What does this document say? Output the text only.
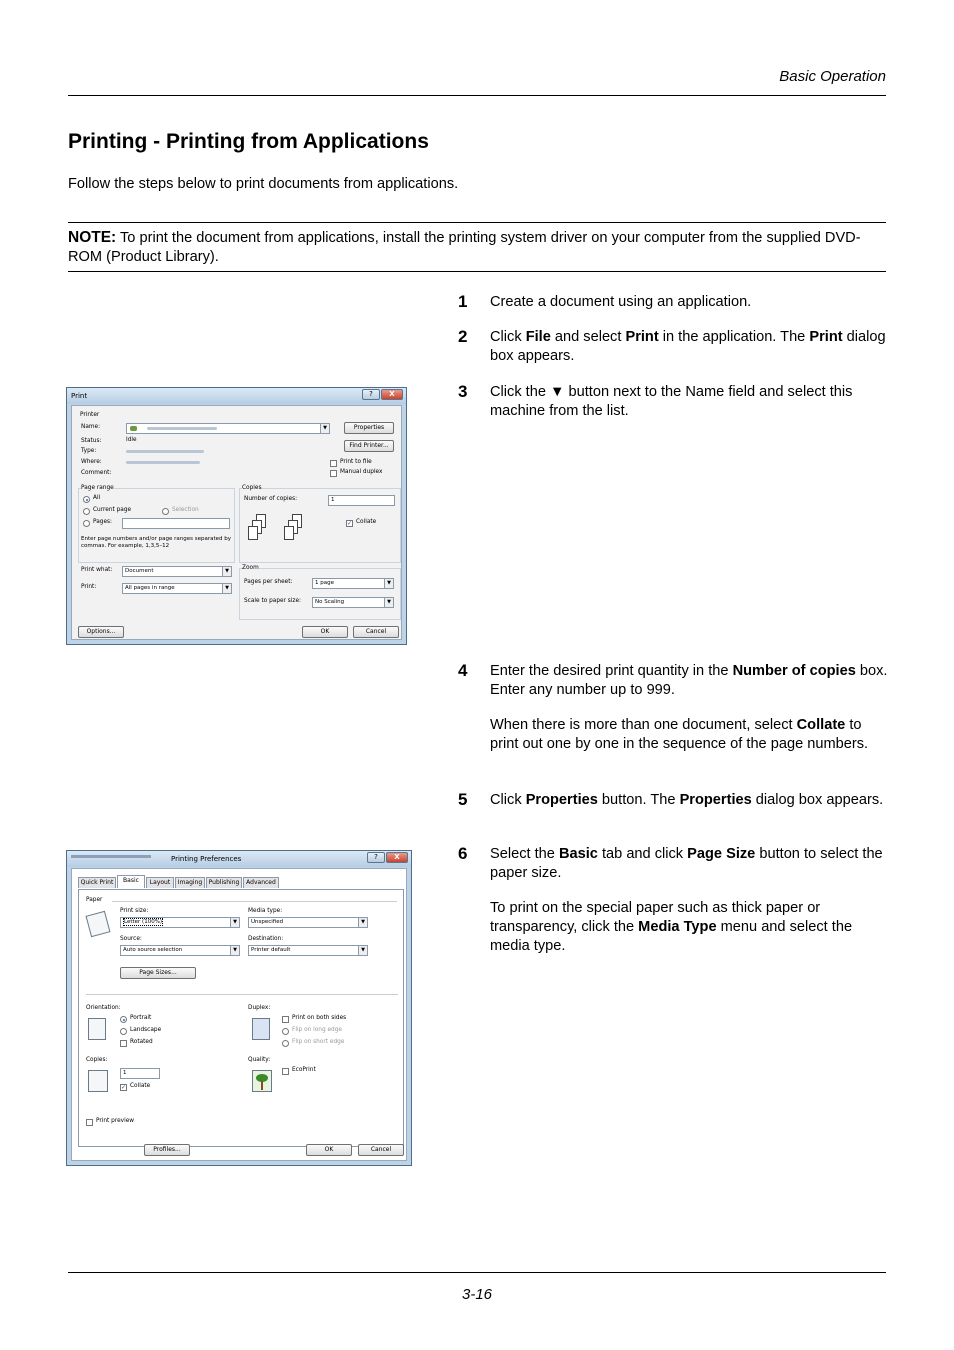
Basic Operation
Printing - Printing from Applications
Follow the steps below to print documents from applications.
NOTE: To print the document from applications, install the printing system driver on your computer from the supplied DVD-ROM (Product Library).
1 Create a document using an application.

2 Click File and select Print in the application. The Print dialog box appears.

3 Click the ▼ button next to the Name field and select this machine from the list.

4 Enter the desired print quantity in the Number of copies box. Enter any number up to 999.

When there is more than one document, select Collate to print out one by one in the sequence of the page numbers.

5 Click Properties button. The Properties dialog box appears.

6 Select the Basic tab and click Page Size button to select the paper size.

To print on the special paper such as thick paper or transparency, click the Media Type menu and select the media type.

Print	?	X
Printer
Name:	▼	Properties
Status:	Idle
Type:
Find Printer...
Where:
Comment:
Print to file
Manual duplex
Page range
All
Current page	Selection
Pages:
Enter page numbers and/or page ranges separated by commas. For example, 1,3,5–12
Copies
Number of copies:	1
✓ Collate
Print what:	Document	▼
Print:	All pages in range	▼
Zoom
Pages per sheet:	1 page	▼
Scale to paper size:	No Scaling	▼
Options...	OK	Cancel
Printing Preferences	?	X
Quick Print	Basic	Layout	Imaging	Publishing	Advanced
Paper
Print size:
Letter (100%)	▼
Media type:
Unspecified	▼
Source:
Auto source selection	▼
Destination:
Printer default	▼
Page Sizes...
Orientation:
Portrait
Landscape
Rotated
Duplex:
Print on both sides
Flip on long edge
Flip on short edge
Copies:
1
✓ Collate
Quality:
EcoPrint
Print preview
Profiles...	OK	Cancel
3-16
